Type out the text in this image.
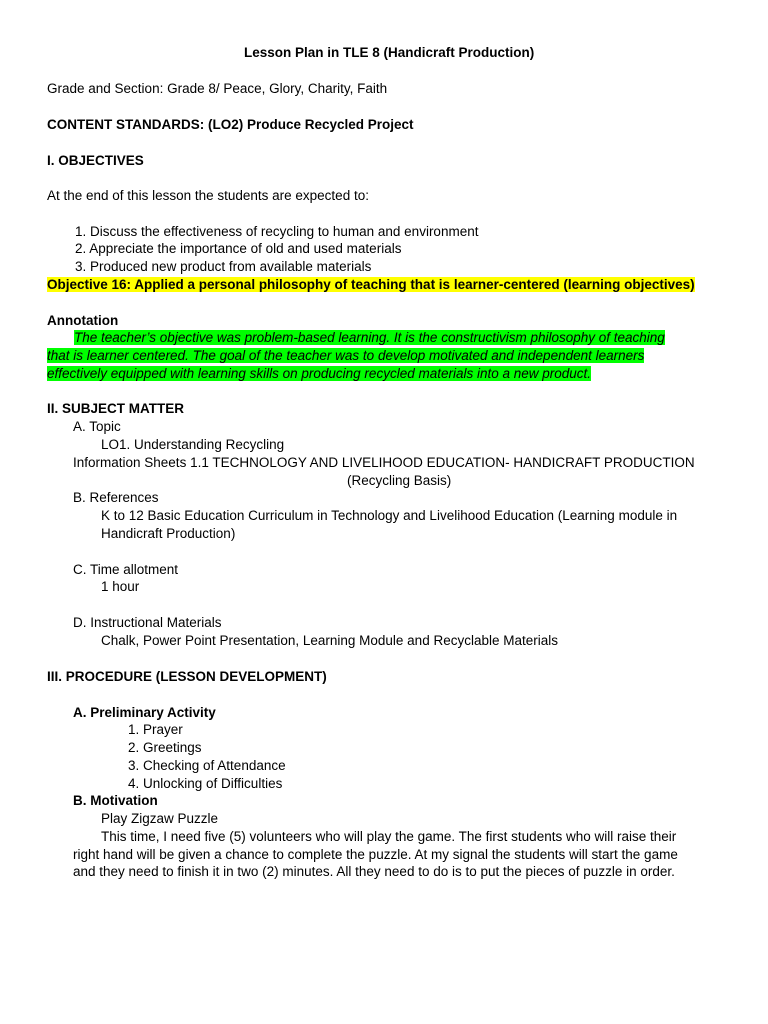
Lesson Plan in TLE 8 (Handicraft Production)
Grade and Section: Grade 8/ Peace, Glory, Charity, Faith
CONTENT STANDARDS: (LO2) Produce Recycled Project
I. OBJECTIVES
At the end of this lesson the students are expected to:
1. Discuss the effectiveness of recycling to human and environment
2. Appreciate the importance of old and used materials
3. Produced new product from available materials
Objective 16: Applied a personal philosophy of teaching that is learner-centered (learning objectives)
Annotation
The teacher’s objective was problem-based learning. It is the constructivism philosophy of teaching
that is learner centered. The goal of the teacher was to develop motivated and independent learners
effectively equipped with learning skills on producing recycled materials into a new product.
II. SUBJECT MATTER
A. Topic
LO1. Understanding Recycling
Information Sheets 1.1 TECHNOLOGY AND LIVELIHOOD EDUCATION- HANDICRAFT PRODUCTION
(Recycling Basis)
B. References
K to 12 Basic Education Curriculum in Technology and Livelihood Education (Learning module in
Handicraft Production)
C. Time allotment
1 hour
D. Instructional Materials
Chalk, Power Point Presentation, Learning Module and Recyclable Materials
III. PROCEDURE (LESSON DEVELOPMENT)
A. Preliminary Activity
1. Prayer
2. Greetings
3. Checking of Attendance
4. Unlocking of Difficulties
B. Motivation
Play Zigzaw Puzzle
This time, I need five (5) volunteers who will play the game. The first students who will raise their
right hand will be given a chance to complete the puzzle. At my signal the students will start the game
and they need to finish it in two (2) minutes. All they need to do is to put the pieces of puzzle in order.
